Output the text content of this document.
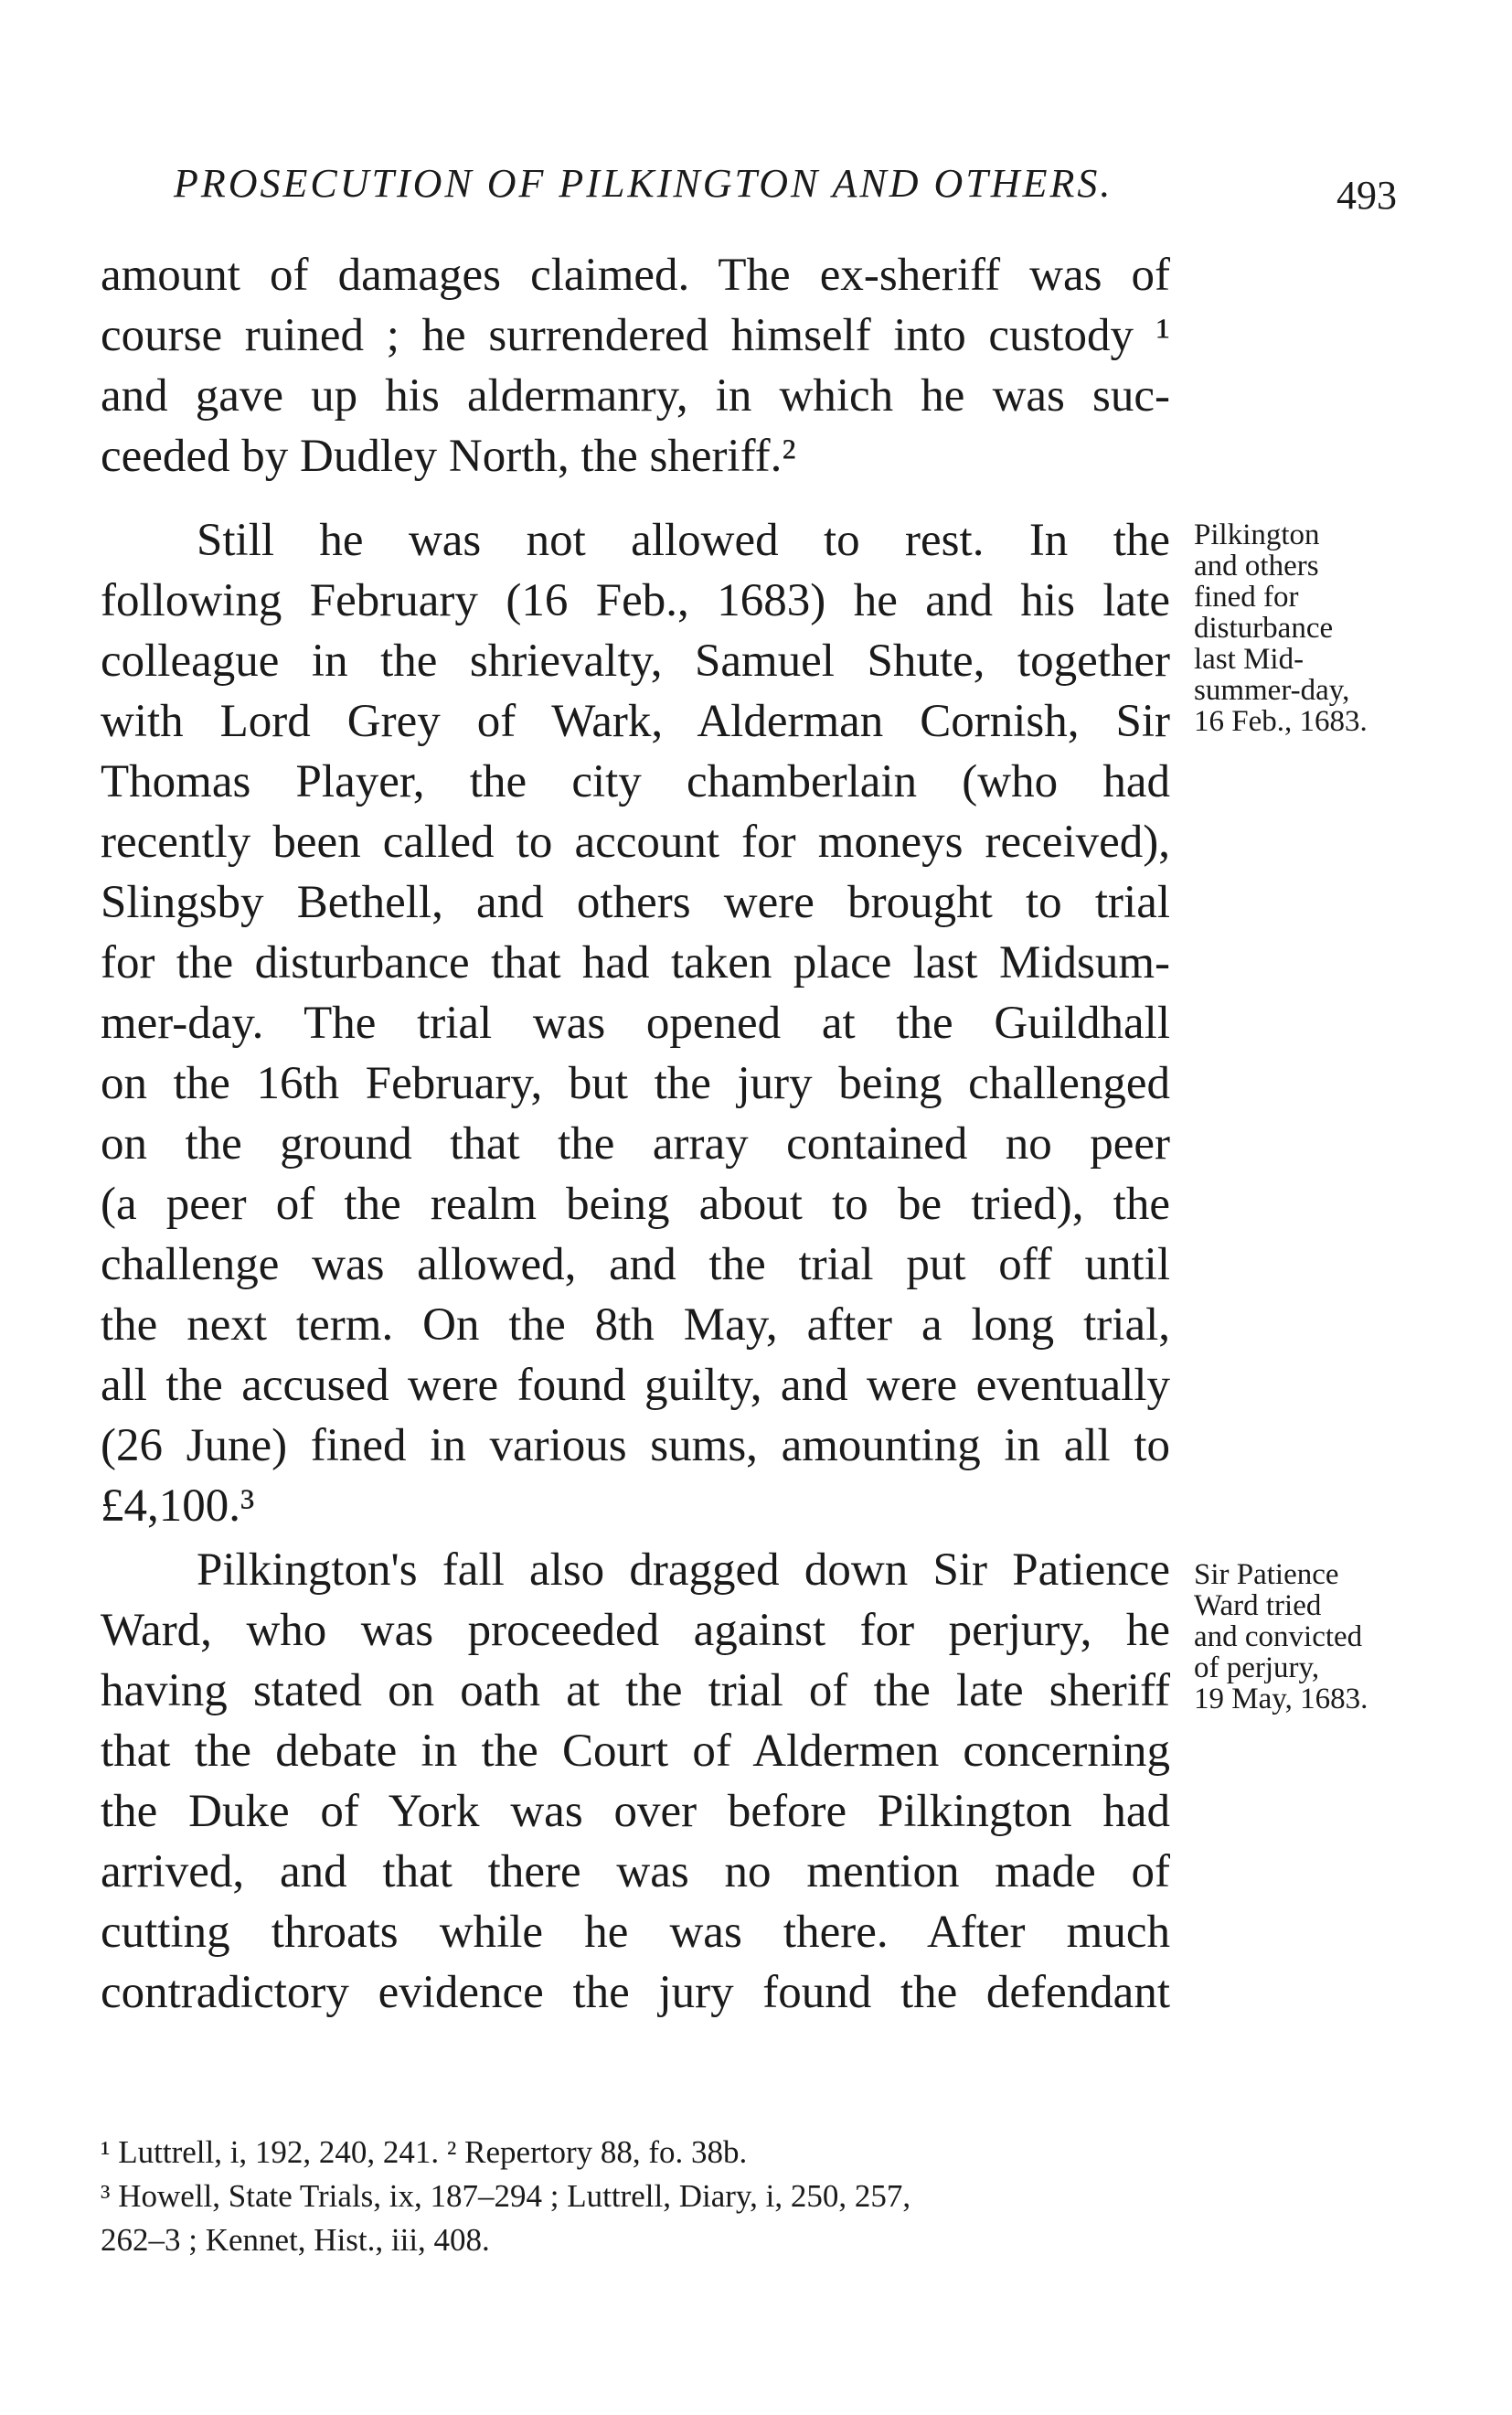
PROSECUTION OF PILKINGTON AND OTHERS.	493
amount of damages claimed. The ex-sheriff was of
course ruined ; he surrendered himself into custody ¹
and gave up his aldermanry, in which he was suc-
ceeded by Dudley North, the sheriff.²
Still he was not allowed to rest. In the
following February (16 Feb., 1683) he and his late
colleague in the shrievalty, Samuel Shute, together
with Lord Grey of Wark, Alderman Cornish, Sir
Thomas Player, the city chamberlain (who had
recently been called to account for moneys received),
Slingsby Bethell, and others were brought to trial
for the disturbance that had taken place last Midsum-
mer-day. The trial was opened at the Guildhall
on the 16th February, but the jury being challenged
on the ground that the array contained no peer
(a peer of the realm being about to be tried), the
challenge was allowed, and the trial put off until
the next term. On the 8th May, after a long trial,
all the accused were found guilty, and were eventually
(26 June) fined in various sums, amounting in all to
£4,100.³
Pilkington's fall also dragged down Sir Patience
Ward, who was proceeded against for perjury, he
having stated on oath at the trial of the late sheriff
that the debate in the Court of Aldermen concerning
the Duke of York was over before Pilkington had
arrived, and that there was no mention made of
cutting throats while he was there. After much
contradictory evidence the jury found the defendant
Pilkington
and others
fined for
disturbance
last Mid-
summer-day,
16 Feb., 1683.
Sir Patience
Ward tried
and convicted
of perjury,
19 May, 1683.
¹ Luttrell, i, 192, 240, 241. ² Repertory 88, fo. 38b.
³ Howell, State Trials, ix, 187–294 ; Luttrell, Diary, i, 250, 257,
262–3 ; Kennet, Hist., iii, 408.
